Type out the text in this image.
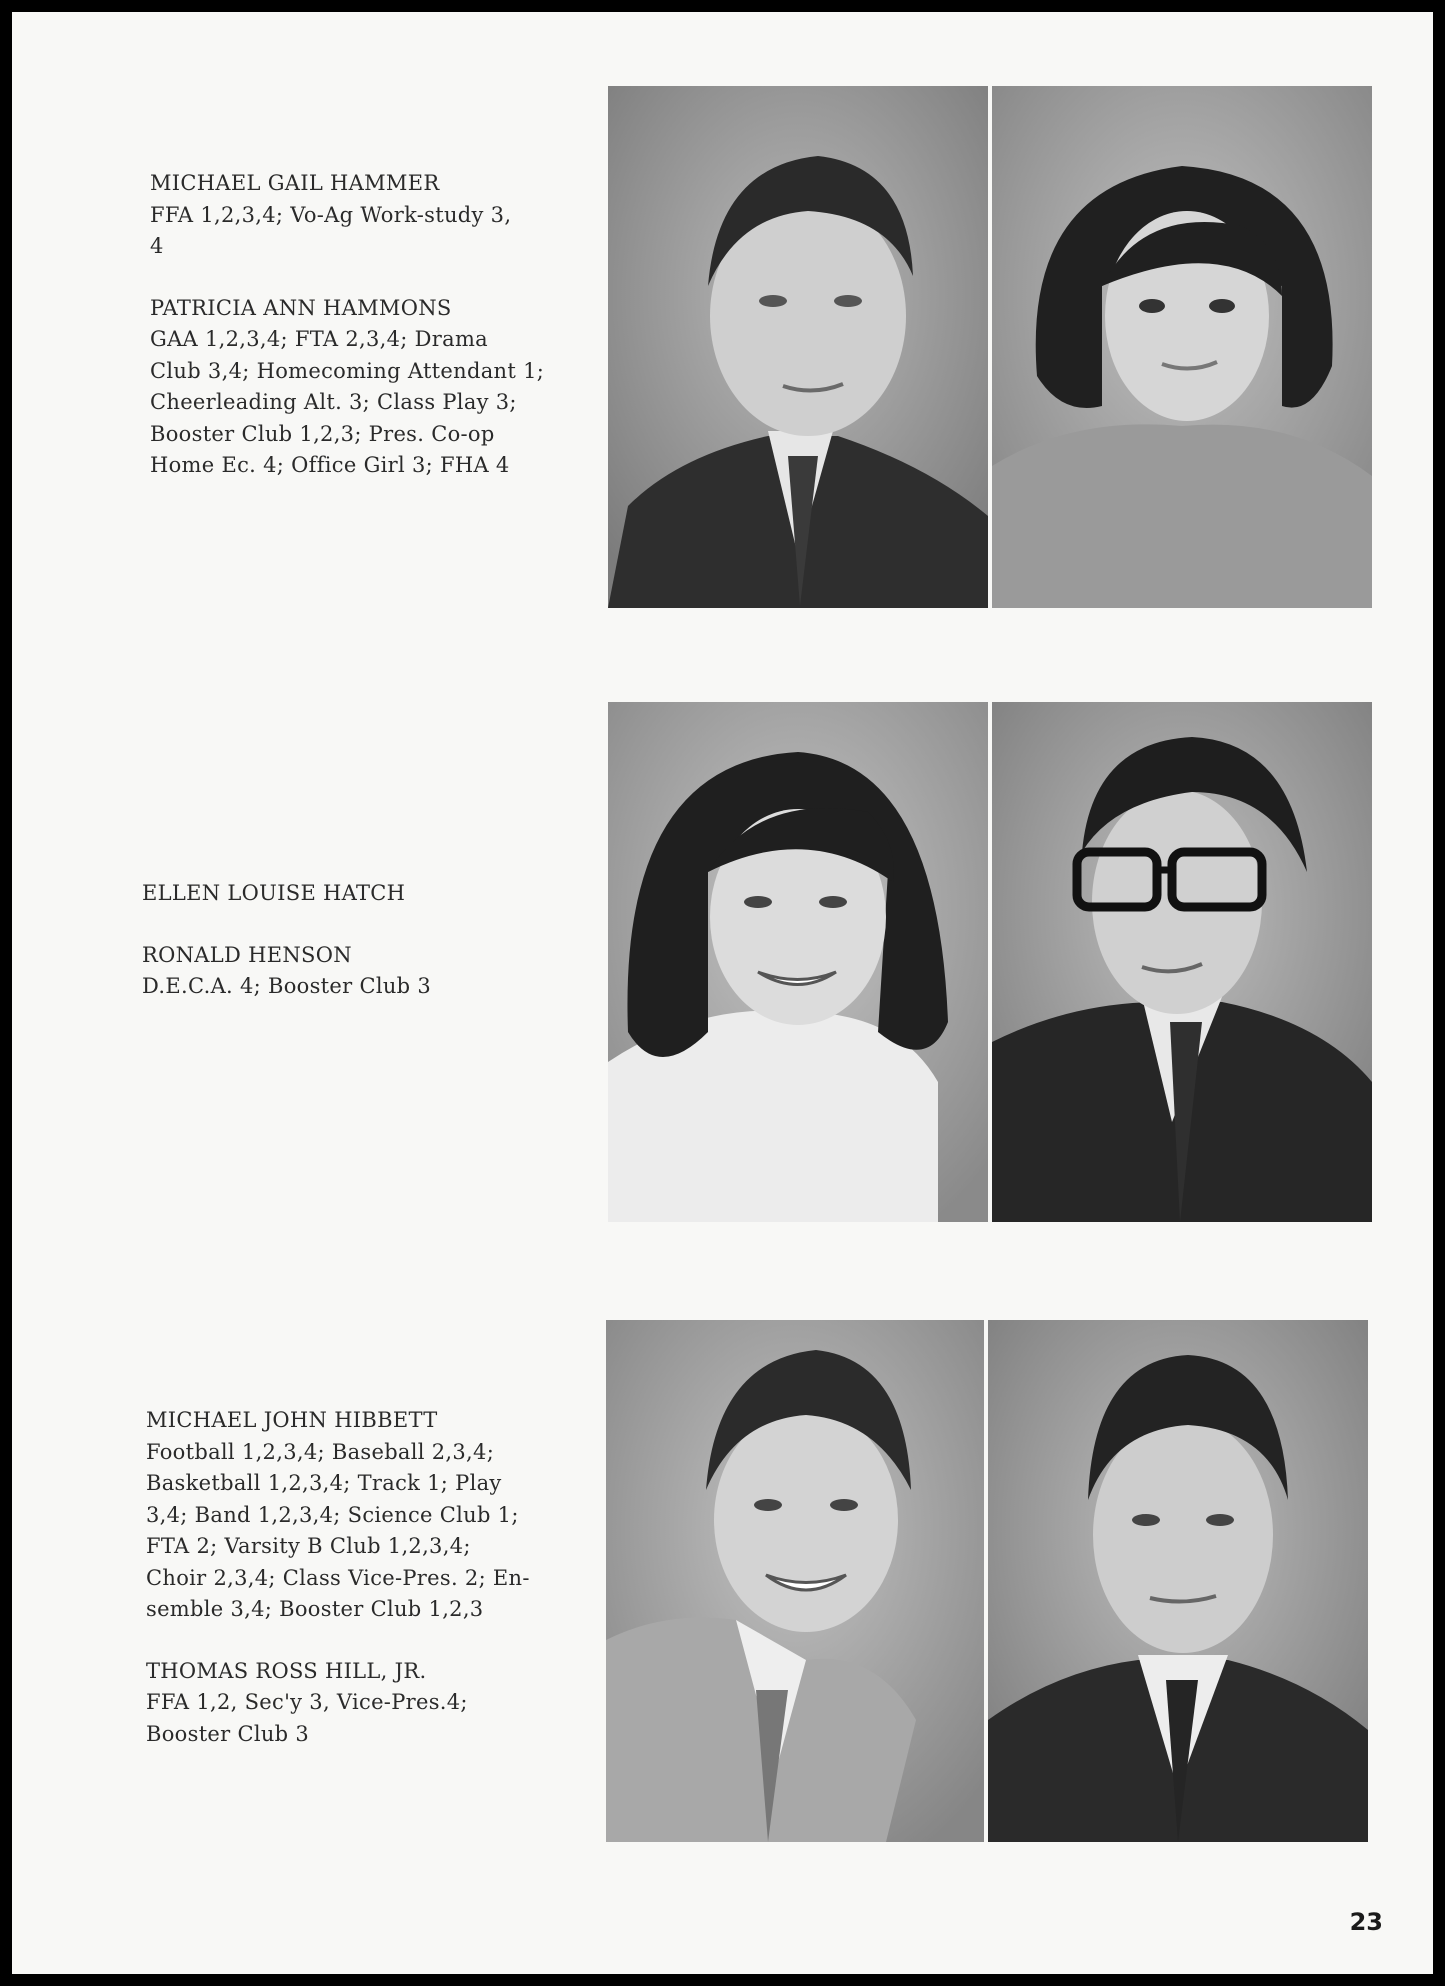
MICHAEL GAIL HAMMER
FFA 1,2,3,4; Vo-Ag Work-study 3,
4
PATRICIA ANN HAMMONS
GAA 1,2,3,4; FTA 2,3,4; Drama
Club 3,4; Homecoming Attendant 1;
Cheerleading Alt. 3; Class Play 3;
Booster Club 1,2,3; Pres. Co-op
Home Ec. 4; Office Girl 3; FHA 4
ELLEN LOUISE HATCH
RONALD HENSON
D.E.C.A. 4; Booster Club 3
MICHAEL JOHN HIBBETT
Football 1,2,3,4; Baseball 2,3,4;
Basketball 1,2,3,4; Track 1; Play
3,4; Band 1,2,3,4; Science Club 1;
FTA 2; Varsity B Club 1,2,3,4;
Choir 2,3,4; Class Vice-Pres. 2; En-
semble 3,4; Booster Club 1,2,3
THOMAS ROSS HILL, JR.
FFA 1,2, Sec'y 3, Vice-Pres.4;
Booster Club 3
23
